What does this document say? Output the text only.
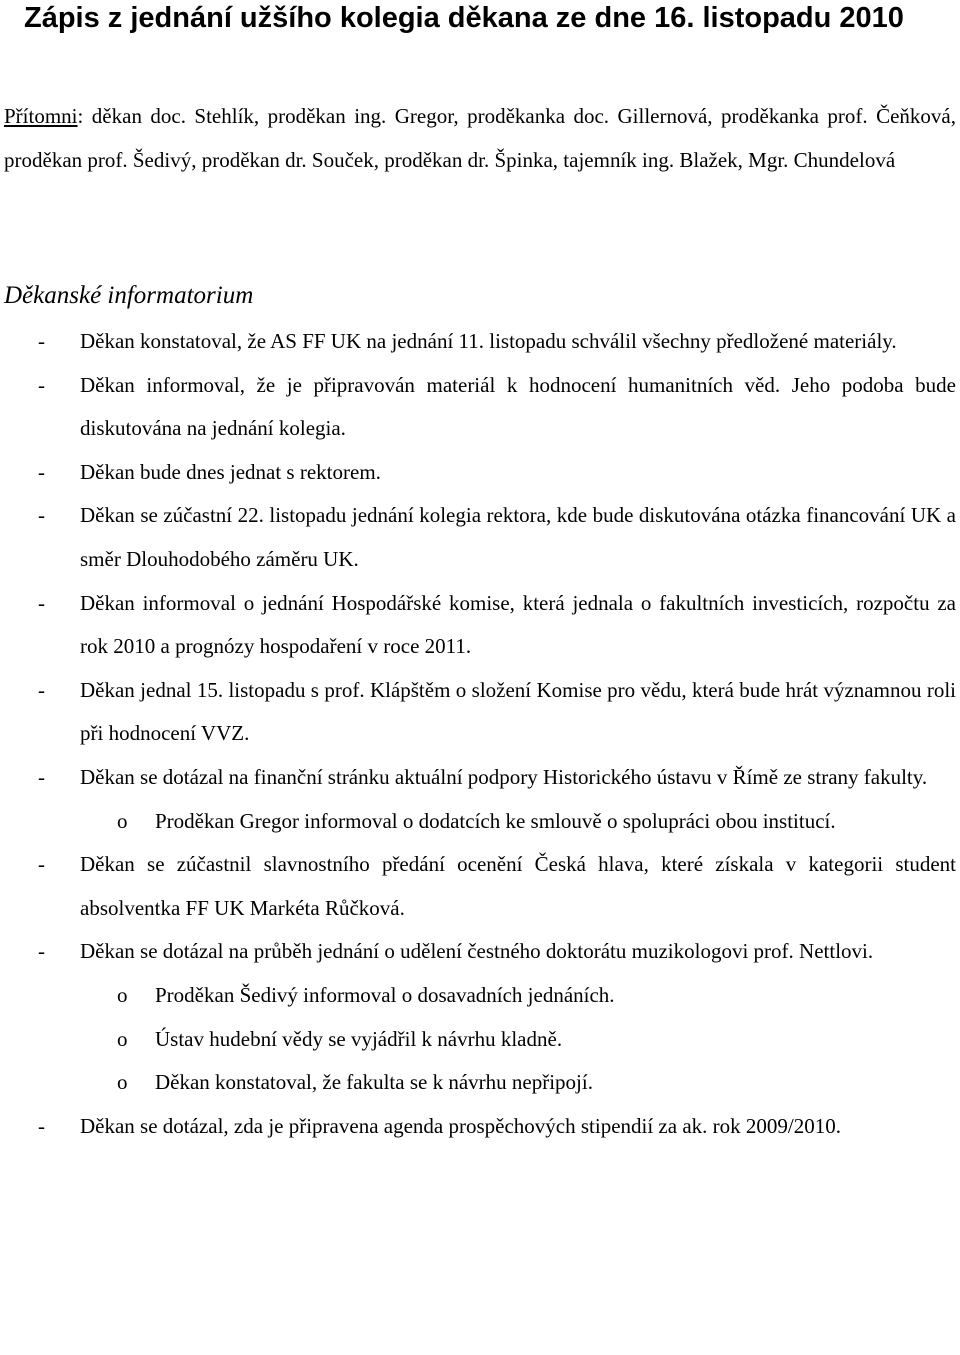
Zápis z jednání užšího kolegia děkana ze dne 16. listopadu 2010

Přítomni: děkan doc. Stehlík, proděkan ing. Gregor, proděkanka doc. Gillernová, proděkanka prof. Čeňková, proděkan prof. Šedivý, proděkan dr. Souček, proděkan dr. Špinka, tajemník ing. Blažek, Mgr. Chundelová

Děkanské informatorium
- Děkan konstatoval, že AS FF UK na jednání 11. listopadu schválil všechny předložené materiály.
- Děkan informoval, že je připravován materiál k hodnocení humanitních věd. Jeho podoba bude diskutována na jednání kolegia.
- Děkan bude dnes jednat s rektorem.
- Děkan se zúčastní 22. listopadu jednání kolegia rektora, kde bude diskutována otázka financování UK a směr Dlouhodobého záměru UK.
- Děkan informoval o jednání Hospodářské komise, která jednala o fakultních investicích, rozpočtu za rok 2010 a prognózy hospodaření v roce 2011.
- Děkan jednal 15. listopadu s prof. Klápštěm o složení Komise pro vědu, která bude hrát významnou roli při hodnocení VVZ.
- Děkan se dotázal na finanční stránku aktuální podpory Historického ústavu v Římě ze strany fakulty.
o Proděkan Gregor informoval o dodatcích ke smlouvě o spolupráci obou institucí.
- Děkan se zúčastnil slavnostního předání ocenění Česká hlava, které získala v kategorii student absolventka FF UK Markéta Růčková.
- Děkan se dotázal na průběh jednání o udělení čestného doktorátu muzikologovi prof. Nettlovi.
o Proděkan Šedivý informoval o dosavadních jednáních.
o Ústav hudební vědy se vyjádřil k návrhu kladně.
o Děkan konstatoval, že fakulta se k návrhu nepřipojí.
- Děkan se dotázal, zda je připravena agenda prospěchových stipendií za ak. rok 2009/2010.
